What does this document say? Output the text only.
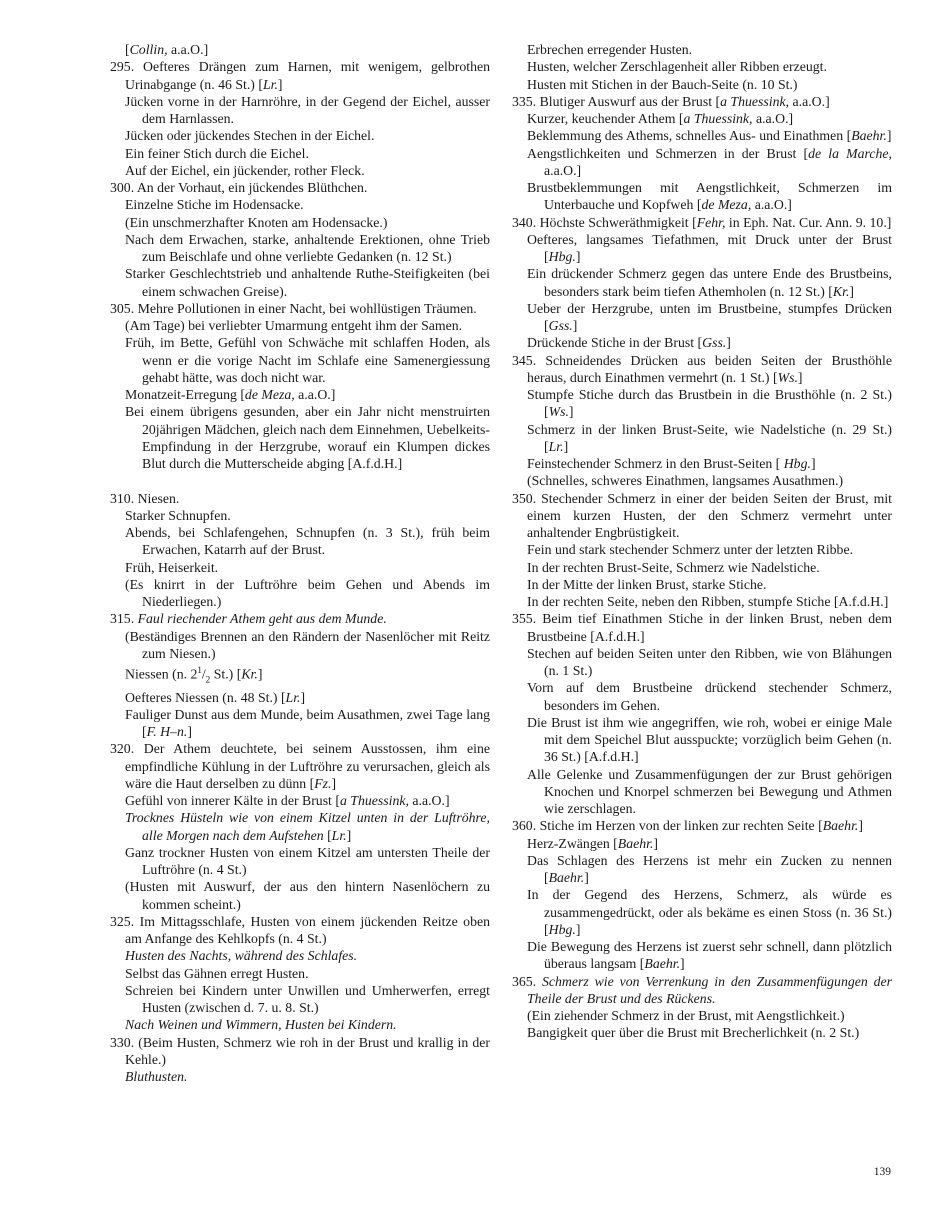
[Collin, a.a.O.]
295. Oefteres Drängen zum Harnen, mit wenigem, gelbrothen Urinabgange (n. 46 St.) [Lr.]
Jücken vorne in der Harnröhre, in der Gegend der Eichel, ausser dem Harnlassen.
Jücken oder jückendes Stechen in der Eichel.
Ein feiner Stich durch die Eichel.
Auf der Eichel, ein jückender, rother Fleck.
300. An der Vorhaut, ein jückendes Blüthchen.
Einzelne Stiche im Hodensacke.
(Ein unschmerzhafter Knoten am Hodensacke.)
Nach dem Erwachen, starke, anhaltende Erektionen, ohne Trieb zum Beischlafe und ohne verliebte Gedanken (n. 12 St.)
Starker Geschlechtstrieb und anhaltende Ruthe-Steifigkeiten (bei einem schwachen Greise).
305. Mehre Pollutionen in einer Nacht, bei wohllüstigen Träumen.
(Am Tage) bei verliebter Umarmung entgeht ihm der Samen.
Früh, im Bette, Gefühl von Schwäche mit schlaffen Hoden, als wenn er die vorige Nacht im Schlafe eine Samenergiessung gehabt hätte, was doch nicht war.
Monatzeit-Erregung [de Meza, a.a.O.]
Bei einem übrigens gesunden, aber ein Jahr nicht menstruirten 20jährigen Mädchen, gleich nach dem Einnehmen, Uebelkeits-Empfindung in der Herzgrube, worauf ein Klumpen dickes Blut durch die Mutterscheide abging [A.f.d.H.]
310. Niesen.
Starker Schnupfen.
Abends, bei Schlafengehen, Schnupfen (n. 3 St.), früh beim Erwachen, Katarrh auf der Brust.
Früh, Heiserkeit.
(Es knirrt in der Luftröhre beim Gehen und Abends im Niederliegen.)
315. Faul riechender Athem geht aus dem Munde.
(Beständiges Brennen an den Rändern der Nasenlöcher mit Reitz zum Niesen.)
Niessen (n. $2^1/_2$ St.) [Kr.]
Oefteres Niessen (n. 48 St.) [Lr.]
Fauliger Dunst aus dem Munde, beim Ausathmen, zwei Tage lang [F. H–n.]
320. Der Athem deuchtete, bei seinem Ausstossen, ihm eine empfindliche Kühlung in der Luftröhre zu verursachen, gleich als wäre die Haut derselben zu dünn [Fz.]
Gefühl von innerer Kälte in der Brust [a Thuessink, a.a.O.]
Trocknes Hüsteln wie von einem Kitzel unten in der Luftröhre, alle Morgen nach dem Aufstehen [Lr.]
Ganz trockner Husten von einem Kitzel am untersten Theile der Luftröhre (n. 4 St.)
(Husten mit Auswurf, der aus den hintern Nasenlöchern zu kommen scheint.)
325. Im Mittagsschlafe, Husten von einem jückenden Reitze oben am Anfange des Kehlkopfs (n. 4 St.)
Husten des Nachts, während des Schlafes.
Selbst das Gähnen erregt Husten.
Schreien bei Kindern unter Unwillen und Umherwerfen, erregt Husten (zwischen d. 7. u. 8. St.)
Nach Weinen und Wimmern, Husten bei Kindern.
330. (Beim Husten, Schmerz wie roh in der Brust und krallig in der Kehle.)
Bluthusten.
Erbrechen erregender Husten.
Husten, welcher Zerschlagenheit aller Ribben erzeugt.
Husten mit Stichen in der Bauch-Seite (n. 10 St.)
335. Blutiger Auswurf aus der Brust [a Thuessink, a.a.O.]
Kurzer, keuchender Athem [a Thuessink, a.a.O.]
Beklemmung des Athems, schnelles Aus- und Einathmen [Baehr.]
Aengstlichkeiten und Schmerzen in der Brust [de la Marche, a.a.O.]
Brustbeklemmungen mit Aengstlichkeit, Schmerzen im Unterbauche und Kopfweh [de Meza, a.a.O.]
340. Höchste Schweräthmigkeit [Fehr, in Eph. Nat. Cur. Ann. 9. 10.]
Oefteres, langsames Tiefathmen, mit Druck unter der Brust [Hbg.]
Ein drückender Schmerz gegen das untere Ende des Brustbeins, besonders stark beim tiefen Athemholen (n. 12 St.) [Kr.]
Ueber der Herzgrube, unten im Brustbeine, stumpfes Drücken [Gss.]
Drückende Stiche in der Brust [Gss.]
345. Schneidendes Drücken aus beiden Seiten der Brusthöhle heraus, durch Einathmen vermehrt (n. 1 St.) [Ws.]
Stumpfe Stiche durch das Brustbein in die Brusthöhle (n. 2 St.) [Ws.]
Schmerz in der linken Brust-Seite, wie Nadelstiche (n. 29 St.) [Lr.]
Feinstechender Schmerz in den Brust-Seiten [ Hbg.]
(Schnelles, schweres Einathmen, langsames Ausathmen.)
350. Stechender Schmerz in einer der beiden Seiten der Brust, mit einem kurzen Husten, der den Schmerz vermehrt unter anhaltender Engbrüstigkeit.
Fein und stark stechender Schmerz unter der letzten Ribbe.
In der rechten Brust-Seite, Schmerz wie Nadelstiche.
In der Mitte der linken Brust, starke Stiche.
In der rechten Seite, neben den Ribben, stumpfe Stiche [A.f.d.H.]
355. Beim tief Einathmen Stiche in der linken Brust, neben dem Brustbeine [A.f.d.H.]
Stechen auf beiden Seiten unter den Ribben, wie von Blähungen (n. 1 St.)
Vorn auf dem Brustbeine drückend stechender Schmerz, besonders im Gehen.
Die Brust ist ihm wie angegriffen, wie roh, wobei er einige Male mit dem Speichel Blut ausspuckte; vorzüglich beim Gehen (n. 36 St.) [A.f.d.H.]
Alle Gelenke und Zusammenfügungen der zur Brust gehörigen Knochen und Knorpel schmerzen bei Bewegung und Athmen wie zerschlagen.
360. Stiche im Herzen von der linken zur rechten Seite [Baehr.]
Herz-Zwängen [Baehr.]
Das Schlagen des Herzens ist mehr ein Zucken zu nennen [Baehr.]
In der Gegend des Herzens, Schmerz, als würde es zusammengedrückt, oder als bekäme es einen Stoss (n. 36 St.) [Hbg.]
Die Bewegung des Herzens ist zuerst sehr schnell, dann plötzlich überaus langsam [Baehr.]
365. Schmerz wie von Verrenkung in den Zusammenfügungen der Theile der Brust und des Rückens.
(Ein ziehender Schmerz in der Brust, mit Aengstlichkeit.)
Bangigkeit quer über die Brust mit Brecherlichkeit (n. 2 St.)
139
